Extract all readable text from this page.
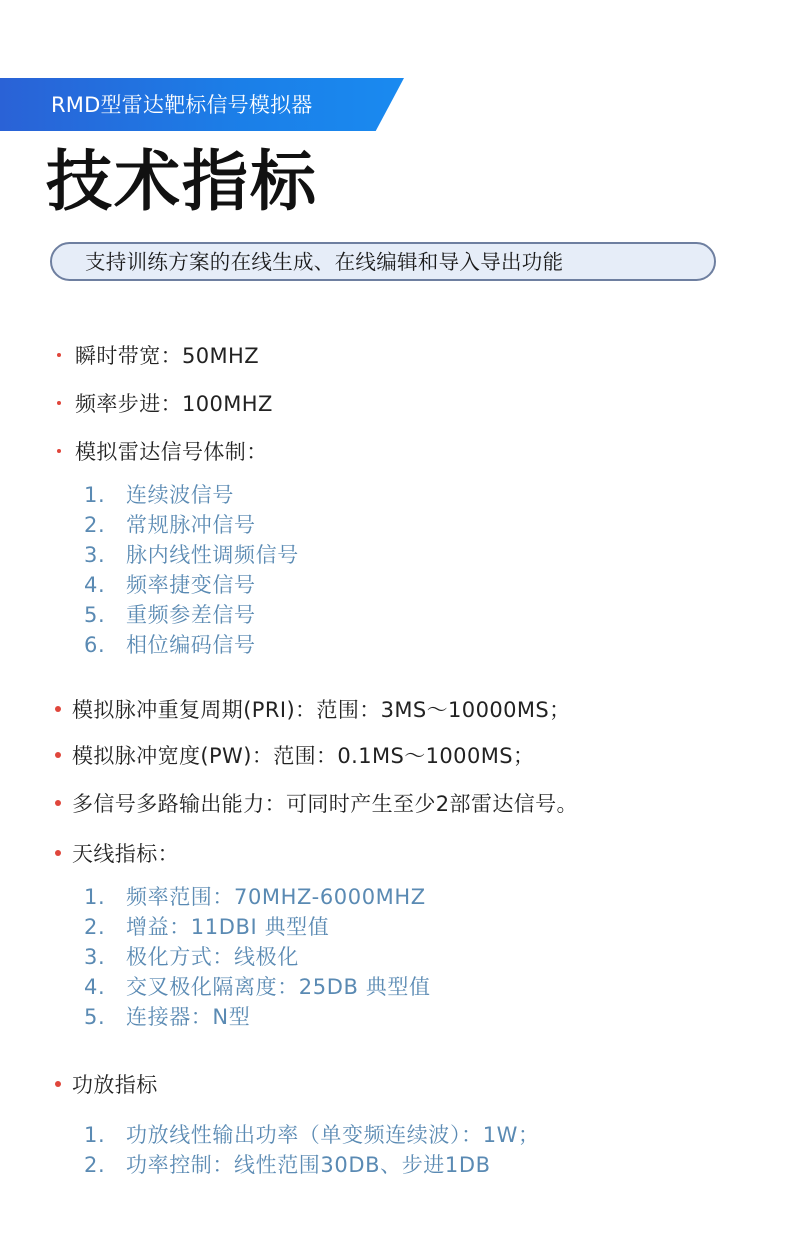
RMD型雷达靶标信号模拟器
技术指标
支持训练方案的在线生成、在线编辑和导入导出功能
瞬时带宽：50MHZ
频率步进：100MHZ
模拟雷达信号体制：
1. 连续波信号
2. 常规脉冲信号
3. 脉内线性调频信号
4. 频率捷变信号
5. 重频参差信号
6. 相位编码信号
模拟脉冲重复周期(PRI)：范围：3MS～10000MS；
模拟脉冲宽度(PW)：范围：0.1MS～1000MS；
多信号多路输出能力：可同时产生至少2部雷达信号。
天线指标：
1. 频率范围：70MHZ-6000MHZ
2. 增益：11DBI 典型值
3. 极化方式：线极化
4. 交叉极化隔离度：25DB 典型值
5. 连接器：N型
功放指标
1. 功放线性输出功率（单变频连续波）：1W；
2. 功率控制：线性范围30DB、步进1DB
